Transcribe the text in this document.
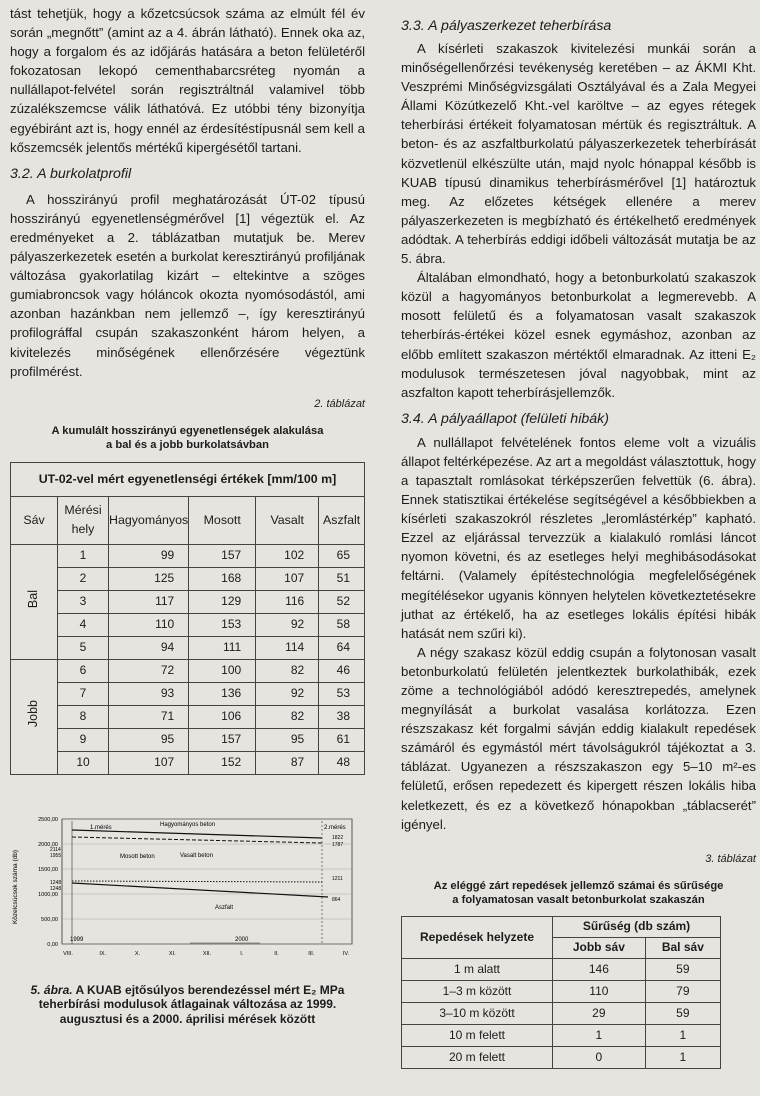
tást tehetjük, hogy a kőzetcsúcsok száma az elmúlt fél év során „megnőtt” (amint az a 4. ábrán látható). Ennek oka az, hogy a forgalom és az időjárás hatására a beton felületéről fokozatosan lekopó cementhabarcsréteg nyomán a nullállapot-felvétel során regisztráltnál valamivel több zúzalékszemcse válik láthatóvá. Ez utóbbi tény bizonyítja egyébiránt azt is, hogy ennél az érdesítéstípusnál sem kell a kőszemcsék jelentős mértékű kipergésétől tartani.

3.2. A burkolatprofil

A hosszirányú profil meghatározását ÚT-02 típusú hosszirányú egyenetlenségmérővel [1] végeztük el. Az eredményeket a 2. táblázatban mutatjuk be. Merev pályaszerkezetek esetén a burkolat keresztirányú profiljának változása gyakorlatilag kizárt – eltekintve a szöges gumiabroncsok vagy hóláncok okozta nyomósodástól, ami azonban hazánkban nem jellemző –, így keresztirányú profilográffal csupán szakaszonként három helyen, a kivitelezés minőségének ellenőrzésére végeztünk profilmérést.

2. táblázat
A kumulált hosszirányú egyenetlenségek alakulása
a bal és a jobb burkolatsávban
UT-02-vel mért egyenetlenségi értékek [mm/100 m]					
Sáv	Mérési hely	Hagyományos	Mosott	Vasalt	Aszfalt
Bal	1	99	157	102	65
	2	125	168	107	51
	3	117	129	116	52
	4	110	153	92	58
	5	94	111	114	64
Jobb	6	72	100	82	46
	7	93	136	92	53
	8	71	106	82	38
	9	95	157	95	61
	10	107	152	87	48
Közelcsúcsok száma (db)
2500,00
2000,00
1500,00
1000,00
500,00
0,00
VIII.	IX.	X.	XI.	XII.	I.	II.	III.	IV.
1.mérés	2.mérés
Hagyományos beton
Mosott beton	Vasalt beton
Aszfalt
2114
1955
1248
1248
1822
1787
1211
864
1999	2000
5. ábra. A KUAB ejtősúlyos berendezéssel mért E₂ MPa teherbírási modulusok átlagainak változása az 1999. augusztusi és a 2000. áprilisi mérések között
3.3. A pályaszerkezet teherbírása

A kísérleti szakaszok kivitelezési munkái során a minőségellenőrzési tevékenység keretében – az ÁKMI Kht. Veszprémi Minőségvizsgálati Osztályával és a Zala Megyei Állami Közútkezelő Kht.-vel karöltve – az egyes rétegek teherbírási értékeit folyamatosan mértük és regisztráltuk. A beton- és az aszfaltburkolatú pályaszerkezetek teherbírását közvetlenül elkészülte után, majd nyolc hónappal később is KUAB típusú dinamikus teherbírásmérővel [1] határoztuk meg. Az előzetes kétségek ellenére a merev pályaszerkezeten is megbízható és értékelhető eredmények adódtak. A teherbírás eddigi időbeli változását mutatja be az 5. ábra.

Általában elmondható, hogy a betonburkolatú szakaszok közül a hagyományos betonburkolat a legmerevebb. A mosott felületű és a folyamatosan vasalt szakaszok teherbírás-értékei közel esnek egymáshoz, azonban az előbb említett szakaszon mértéktől elmaradnak. Az itteni E₂ modulusok természetesen jóval nagyobbak, mint az aszfalton kapott teherbírásjellemzők.

3.4. A pályaállapot (felületi hibák)

A nullállapot felvételének fontos eleme volt a vizuális állapot feltérképezése. Az art a megoldást választottuk, hogy a tapasztalt romlásokat térképszerűen felvettük (6. ábra). Ennek statisztikai értékelése segítségével a későbbiekben a kísérleti szakaszokról részletes „leromlástérkép” kapható. Ezzel az eljárással tervezzük a kialakuló romlási láncot nyomon követni, és az esetleges helyi meghibásodásokat feltárni. (Valamely építéstechnológia megfelelőségének megítélésekor ugyanis könnyen helytelen következtetésekre juthat az értékelő, ha az esetleges lokális építési hibák hatását nem szűri ki).

A négy szakasz közül eddig csupán a folytonosan vasalt betonburkolatú felületén jelentkeztek burkolathibák, ezek zöme a technológiából adódó keresztrepedés, amelynek megnyílását a burkolat vasalása korlátozza. Ezen részszakasz két forgalmi sávján eddig kialakult repedések számáról és egymástól mért távolságukról tájékoztat a 3. táblázat. Ugyanezen a részszakaszon egy 5–10 m²-es felületű, erősen repedezett és kipergett részen lokális hiba keletkezett, és ez a következő hónapokban „táblacserét” igényel.

3. táblázat
Az eléggé zárt repedések jellemző számai és sűrűsége
a folyamatosan vasalt betonburkolat szakaszán
Repedések helyzete	Sűrűség (db szám)	
	Jobb sáv	Bal sáv
1 m alatt	146	59
1–3 m között	110	79
3–10 m között	29	59
10 m felett	1	1
20 m felett	0	1
